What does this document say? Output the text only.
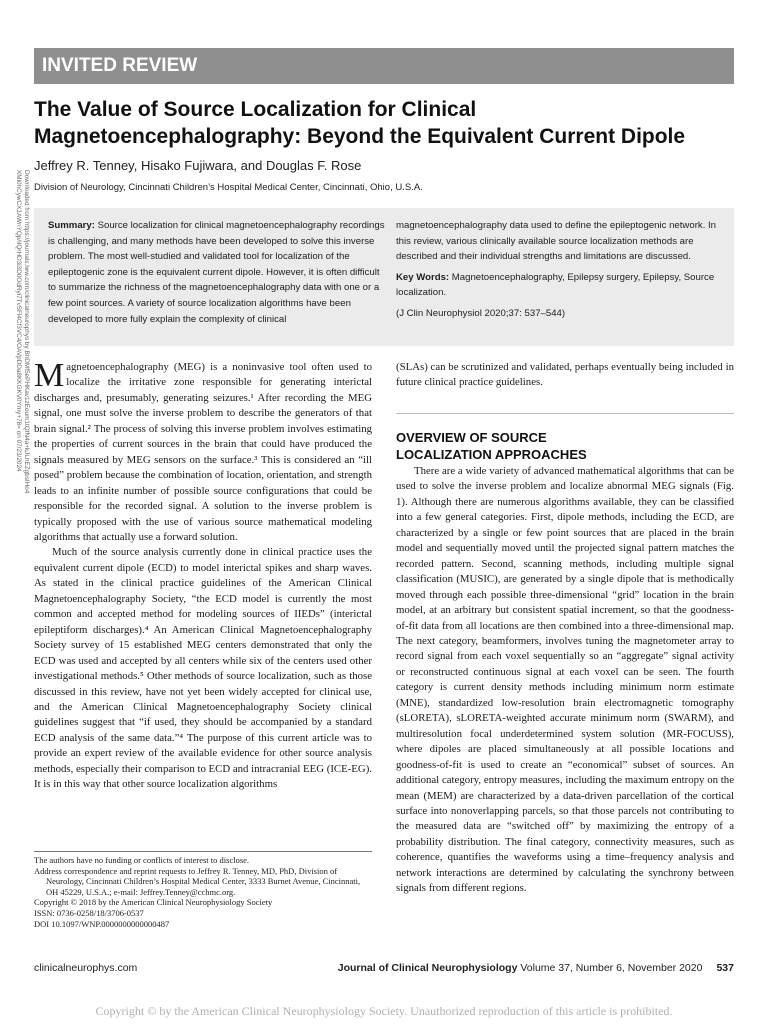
INVITED REVIEW
The Value of Source Localization for Clinical Magnetoencephalography: Beyond the Equivalent Current Dipole

Jeffrey R. Tenney, Hisako Fujiwara, and Douglas F. Rose

Division of Neurology, Cincinnati Children’s Hospital Medical Center, Cincinnati, Ohio, U.S.A.

Downloaded from https://journals.lww.com/clinicalneurophys by BhDMf5ePHKav1zEoum1tQfN4a+kJLhEZgbsIHo4
XMi0hCywCX1AWnYQp/IlQrHD3i3D0OdRyi7TvSFl4Cf3VC4/OAVpDDa8KKGKV0Ymy+78= on 07/23/2024	Summary: Source localization for clinical magnetoencephalography recordings is challenging, and many methods have been developed to solve this inverse problem. The most well-studied and validated tool for localization of the epileptogenic zone is the equivalent current dipole. However, it is often difficult to summarize the richness of the magnetoencephalography data with one or a few point sources. A variety of source localization algorithms have been developed to more fully explain the complexity of clinical

magnetoencephalography data used to define the epileptogenic network. In this review, various clinically available source localization methods are described and their individual strengths and limitations are discussed.

Key Words: Magnetoencephalography, Epilepsy surgery, Epilepsy, Source localization.

(J Clin Neurophysiol 2020;37: 537–544)

Magnetoencephalography (MEG) is a noninvasive tool often used to localize the irritative zone responsible for generating interictal discharges and, presumably, generating seizures.¹ After recording the MEG signal, one must solve the inverse problem to describe the generators of that brain signal.² The process of solving this inverse problem involves estimating the properties of current sources in the brain that could have produced the signals measured by MEG sensors on the surface.³ This is considered an “ill posed” problem because the combination of location, orientation, and strength leads to an infinite number of possible source configurations that could be responsible for the recorded signal. A solution to the inverse problem is typically proposed with the use of various source mathematical modeling algorithms that actually use a forward solution.

Much of the source analysis currently done in clinical practice uses the equivalent current dipole (ECD) to model interictal spikes and sharp waves. As stated in the clinical practice guidelines of the American Clinical Magnetoencephalography Society, “the ECD model is currently the most common and accepted method for modeling sources of IIEDs” (interictal epileptiform discharges).⁴ An American Clinical Magnetoencephalography Society survey of 15 established MEG centers demonstrated that only the ECD was used and accepted by all centers while six of the centers used other investigational methods.⁵ Other methods of source localization, such as those discussed in this review, have not yet been widely accepted for clinical use, and the American Clinical Magnetoencephalography Society clinical guidelines suggest that “if used, they should be accompanied by a standard ECD analysis of the same data.”⁴ The purpose of this current article was to provide an expert review of the available evidence for other source analysis methods, especially their comparison to ECD and intracranial EEG (ICE-EG). It is in this way that other source localization algorithms

(SLAs) can be scrutinized and validated, perhaps eventually being included in future clinical practice guidelines.

OVERVIEW OF SOURCE
LOCALIZATION APPROACHES

There are a wide variety of advanced mathematical algorithms that can be used to solve the inverse problem and localize abnormal MEG signals (Fig. 1). Although there are numerous algorithms available, they can be classified into a few general categories. First, dipole methods, including the ECD, are characterized by a single or few point sources that are placed in the brain model and sequentially moved until the projected signal pattern matches the recorded pattern. Second, scanning methods, including multiple signal classification (MUSIC), are generated by a single dipole that is methodically moved through each possible three-dimensional “grid” location in the brain model, at an arbitrary but consistent spatial increment, so that the goodness-of-fit data from all locations are then combined into a three-dimensional map. The next category, beamformers, involves tuning the magnetometer array to record signal from each voxel sequentially so an “aggregate” signal activity or reconstructed continuous signal at each voxel can be seen. The fourth category is current density methods including minimum norm estimate (MNE), standardized low-resolution brain electromagnetic tomography (sLORETA), sLORETA-weighted accurate minimum norm (SWARM), and multiresolution focal underdetermined system solution (MR-FOCUSS), where dipoles are placed simultaneously at all possible locations and goodness-of-fit is used to create an “economical” subset of sources. An additional category, entropy measures, including the maximum entropy on the mean (MEM) are characterized by a data-driven parcellation of the cortical surface into nonoverlapping parcels, so that those parcels not contributing to the measured data are “switched off” by maximizing the entropy of a probability distribution. The final category, connectivity measures, such as coherence, quantifies the waveforms using a time–frequency analysis and network interactions are determined by calculating the synchrony between signals from different regions.

The authors have no funding or conflicts of interest to disclose.
Address correspondence and reprint requests to Jeffrey R. Tenney, MD, PhD, Division of Neurology, Cincinnati Children’s Hospital Medical Center, 3333 Burnet Avenue, Cincinnati, OH 45229, U.S.A.; e-mail: Jeffrey.Tenney@cchmc.org.
Copyright © 2018 by the American Clinical Neurophysiology Society
ISSN: 0736-0258/18/3706-0537
DOI 10.1097/WNP.0000000000000487
clinicalneurophys.com	Journal of Clinical Neurophysiology Volume 37, Number 6, November 2020 537
Copyright © by the American Clinical Neurophysiology Society. Unauthorized reproduction of this article is prohibited.
